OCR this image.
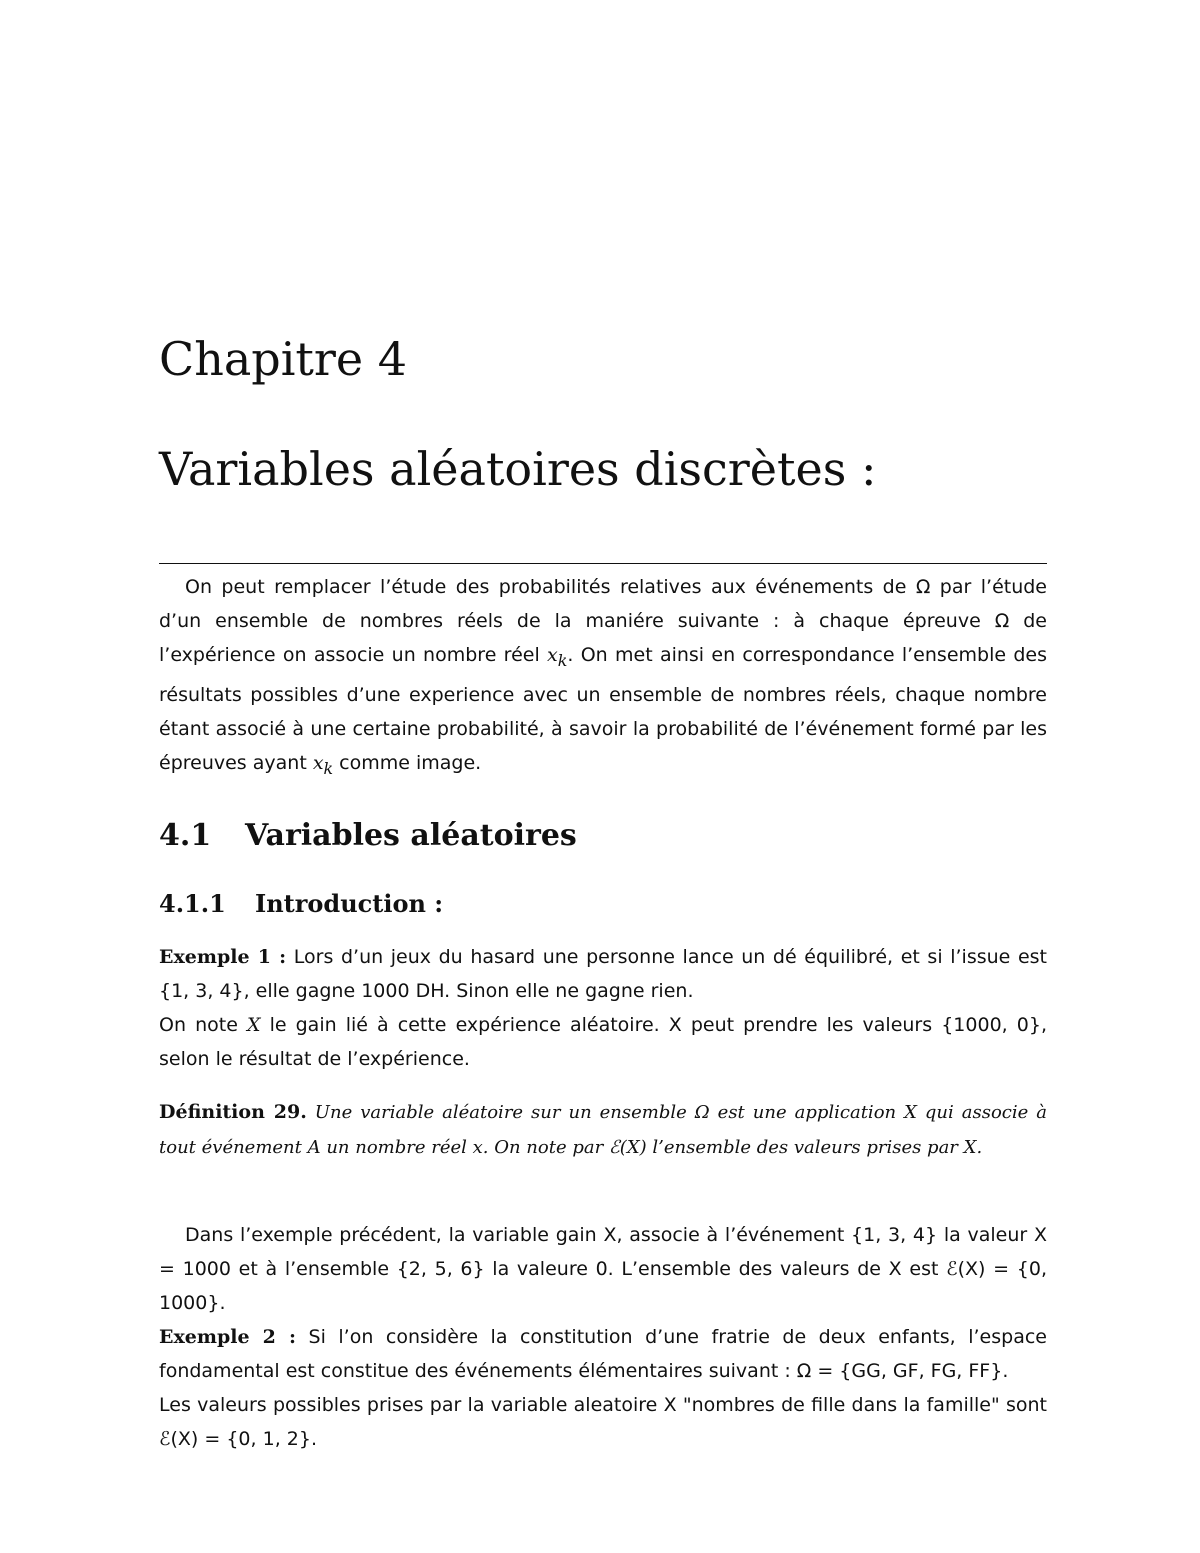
Chapitre 4
Variables aléatoires discrètes :

On peut remplacer l’étude des probabilités relatives aux événements de Ω par l’étude d’un ensemble de nombres réels de la maniére suivante : à chaque épreuve Ω de l’expérience on associe un nombre réel $x_k$. On met ainsi en correspondance l’ensemble des résultats possibles d’une experience avec un ensemble de nombres réels, chaque nombre étant associé à une certaine probabilité, à savoir la probabilité de l’événement formé par les épreuves ayant $x_k$ comme image.

4.1 Variables aléatoires
4.1.1 Introduction :

Exemple 1 : Lors d’un jeux du hasard une personne lance un dé équilibré, et si l’issue est {1, 3, 4}, elle gagne 1000 DH. Sinon elle ne gagne rien.

On note X le gain lié à cette expérience aléatoire. X peut prendre les valeurs {1000, 0}, selon le résultat de l’expérience.

Définition 29. Une variable aléatoire sur un ensemble Ω est une application X qui associe à tout événement A un nombre réel x. On note par ℰ(X) l’ensemble des valeurs prises par X.

Dans l’exemple précédent, la variable gain X, associe à l’événement {1, 3, 4} la valeur X = 1000 et à l’ensemble {2, 5, 6} la valeure 0. L’ensemble des valeurs de X est ℰ(X) = {0, 1000}.

Exemple 2 : Si l’on considère la constitution d’une fratrie de deux enfants, l’espace fondamental est constitue des événements élémentaires suivant : Ω = {GG, GF, FG, FF}.

Les valeurs possibles prises par la variable aleatoire X "nombres de fille dans la famille" sont ℰ(X) = {0, 1, 2}.
